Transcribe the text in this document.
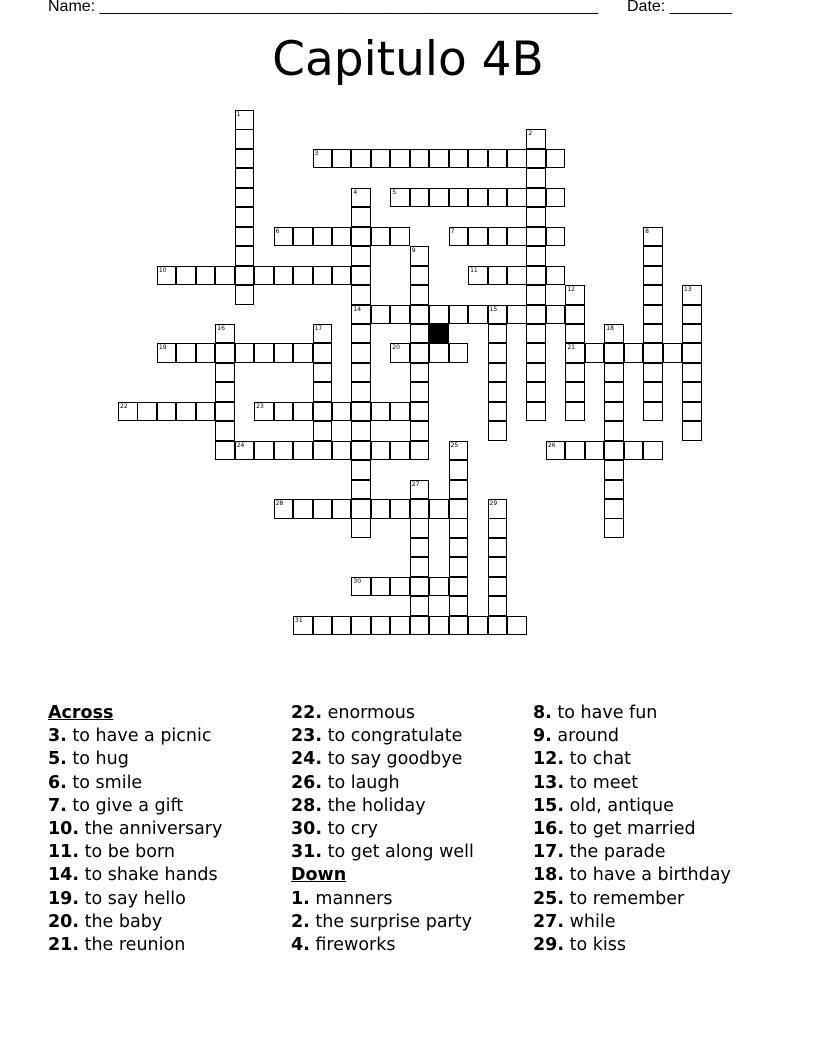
Name: ________________________________________________________ Date: _______
Capitulo 4B
1
2
3
4
14
5
6	7	8
9
10	11
12
21
13
15
16	17	18
19	20
22	23
24	25	26
27
28	29
30
31
Across
3. to have a picnic
5. to hug
6. to smile
7. to give a gift
10. the anniversary
11. to be born
14. to shake hands
19. to say hello
20. the baby
21. the reunion
22. enormous
23. to congratulate
24. to say goodbye
26. to laugh
28. the holiday
30. to cry
31. to get along well
Down
1. manners
2. the surprise party
4. fireworks
8. to have fun
9. around
12. to chat
13. to meet
15. old, antique
16. to get married
17. the parade
18. to have a birthday
25. to remember
27. while
29. to kiss
